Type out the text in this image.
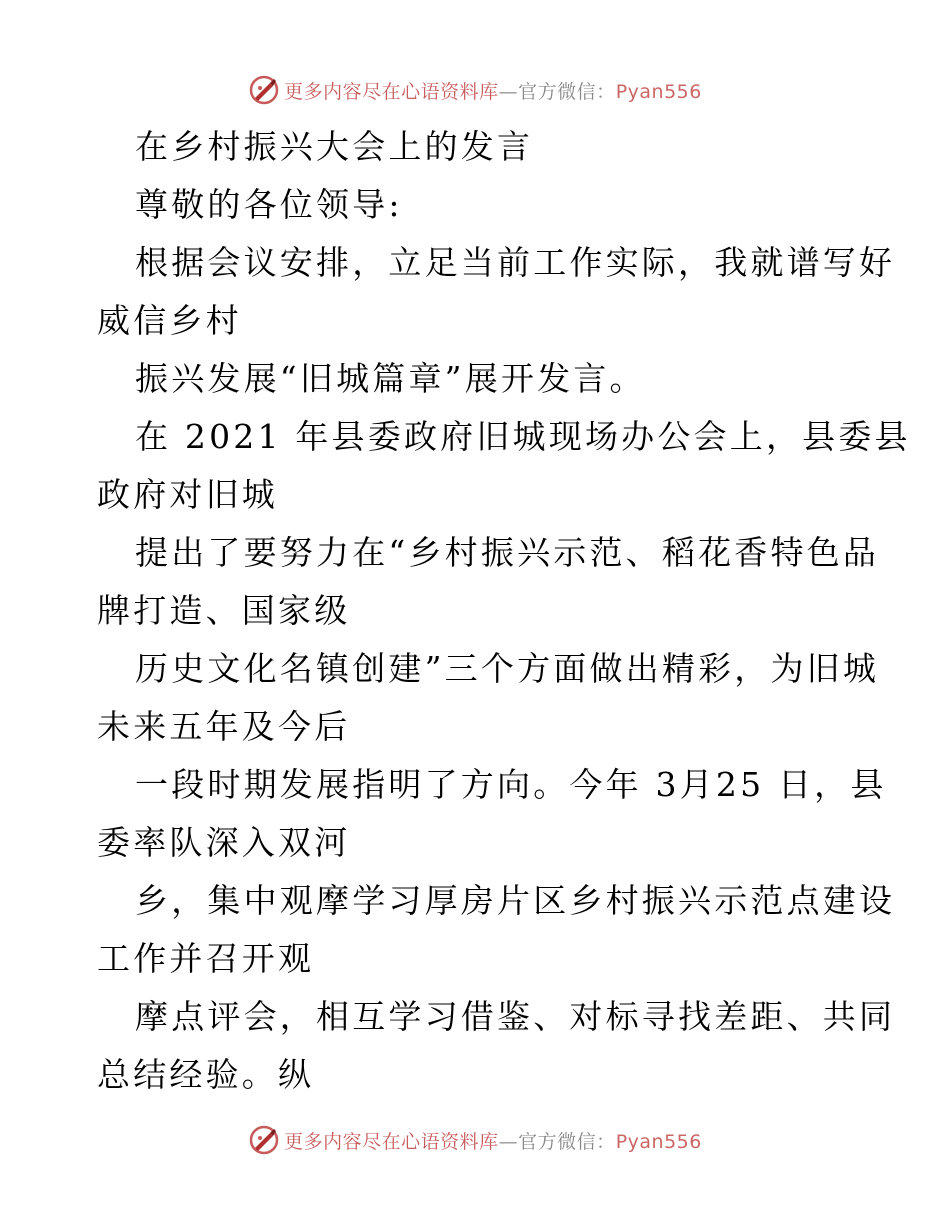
更多内容尽在心语资料库—官方微信：Pyan556
在乡村振兴大会上的发言
尊敬的各位领导:
根据会议安排，立足当前工作实际，我就谱写好
威信乡村
振兴发展“旧城篇章”展开发言。
在 2021 年县委政府旧城现场办公会上，县委县
政府对旧城
提出了要努力在“乡村振兴示范、稻花香特色品
牌打造、国家级
历史文化名镇创建”三个方面做出精彩，为旧城
未来五年及今后
一段时期发展指明了方向。今年 3月25 日，县
委率队深入双河
乡，集中观摩学习厚房片区乡村振兴示范点建设
工作并召开观
摩点评会，相互学习借鉴、对标寻找差距、共同
总结经验。纵
更多内容尽在心语资料库—官方微信：Pyan556
